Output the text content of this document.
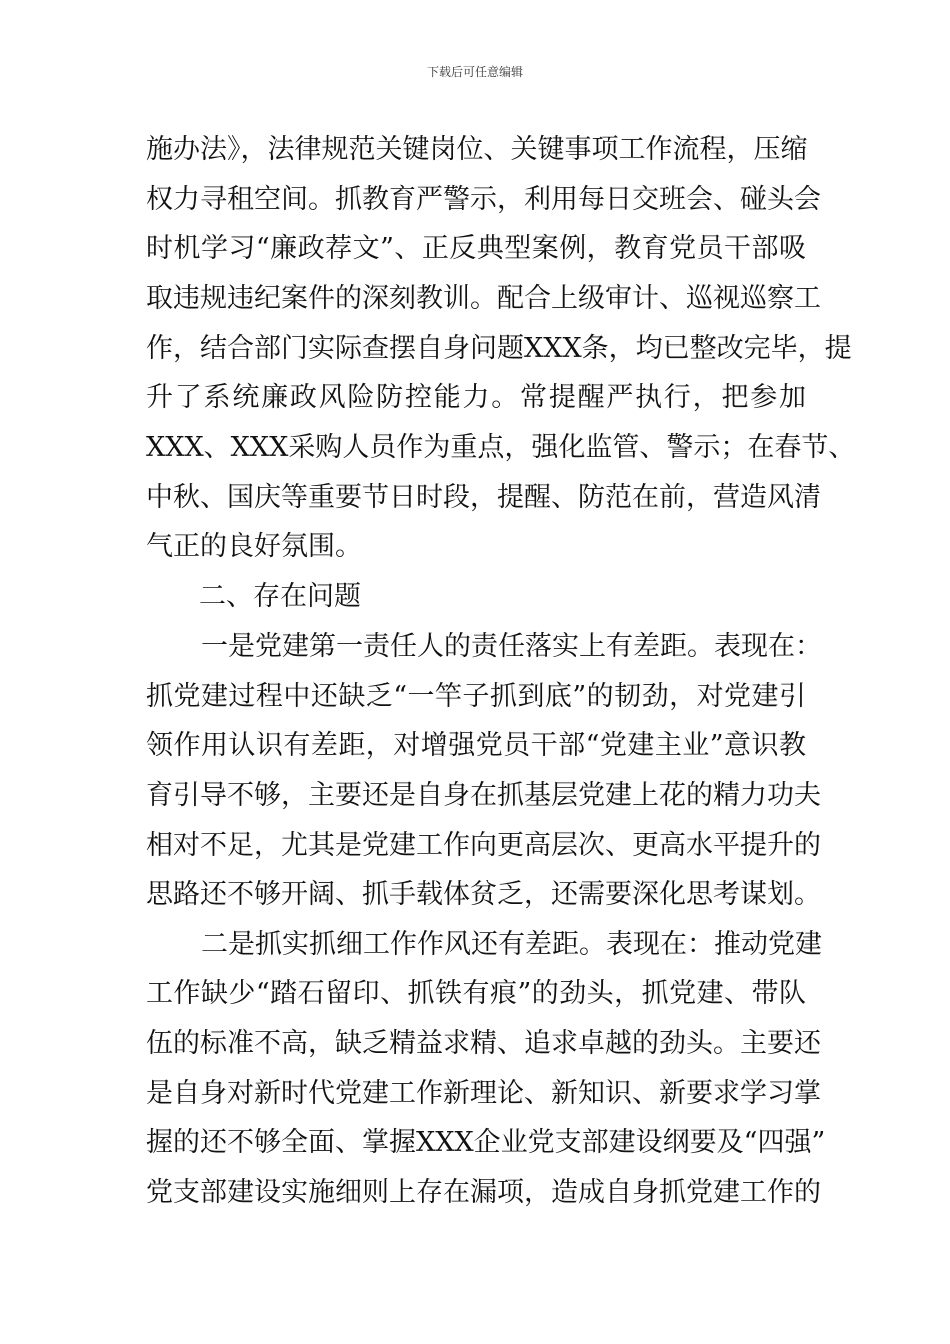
下载后可任意编辑
施办法》，法律规范关键岗位、关键事项工作流程，压缩
权力寻租空间。抓教育严警示，利用每日交班会、碰头会
时机学习“廉政荐文”、正反典型案例，教育党员干部吸
取违规违纪案件的深刻教训。配合上级审计、巡视巡察工
作，结合部门实际查摆自身问题XXX条，均已整改完毕，提
升了系统廉政风险防控能力。常提醒严执行，把参加
XXX、XXX采购人员作为重点，强化监管、警示；在春节、
中秋、国庆等重要节日时段，提醒、防范在前，营造风清
气正的良好氛围。
二、存在问题
一是党建第一责任人的责任落实上有差距。表现在：
抓党建过程中还缺乏“一竿子抓到底”的韧劲，对党建引
领作用认识有差距，对增强党员干部“党建主业”意识教
育引导不够，主要还是自身在抓基层党建上花的精力功夫
相对不足，尤其是党建工作向更高层次、更高水平提升的
思路还不够开阔、抓手载体贫乏，还需要深化思考谋划。
二是抓实抓细工作作风还有差距。表现在：推动党建
工作缺少“踏石留印、抓铁有痕”的劲头，抓党建、带队
伍的标准不高，缺乏精益求精、追求卓越的劲头。主要还
是自身对新时代党建工作新理论、新知识、新要求学习掌
握的还不够全面、掌握XXX企业党支部建设纲要及“四强”
党支部建设实施细则上存在漏项，造成自身抓党建工作的
